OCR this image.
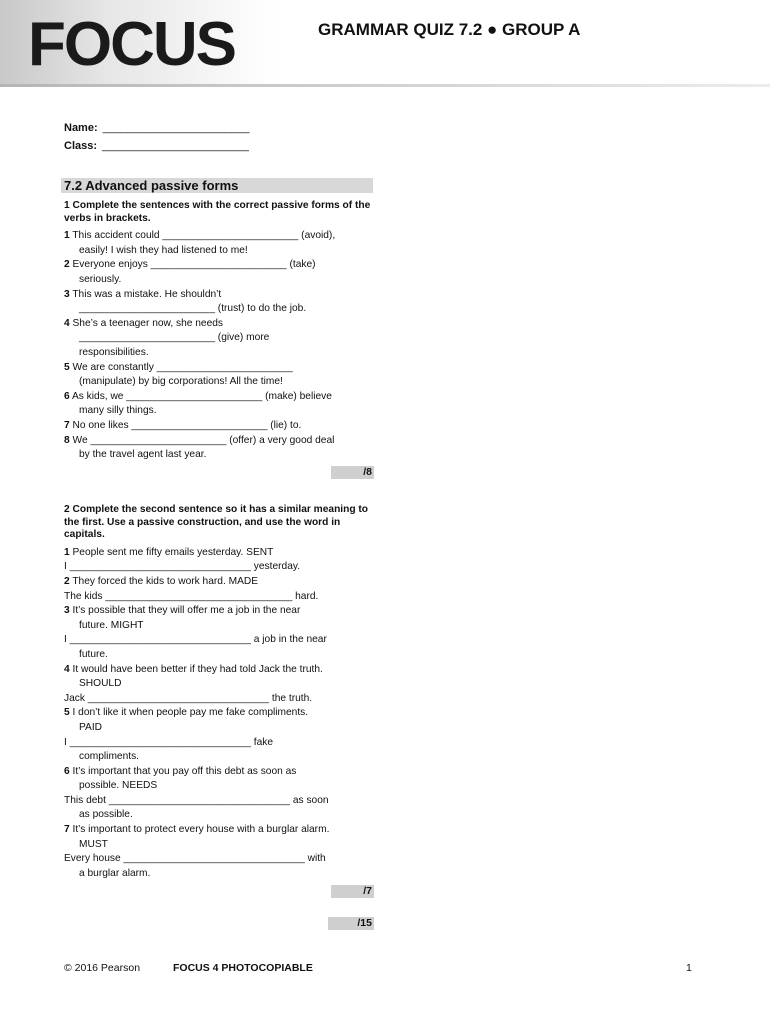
FOCUS	GRAMMAR QUIZ 7.2 ● GROUP A
Name: ________________________
Class: ________________________
7.2 Advanced passive forms
1 Complete the sentences with the correct passive forms of the verbs in brackets.
1 This accident could ________________________ (avoid),
easily! I wish they had listened to me!
2 Everyone enjoys ________________________ (take)
seriously.
3 This was a mistake. He shouldn’t
________________________ (trust) to do the job.
4 She’s a teenager now, she needs
________________________ (give) more
responsibilities.
5 We are constantly ________________________
(manipulate) by big corporations! All the time!
6 As kids, we ________________________ (make) believe
many silly things.
7 No one likes ________________________ (lie) to.
8 We ________________________ (offer) a very good deal
by the travel agent last year.
/8
2 Complete the second sentence so it has a similar meaning to the first. Use a passive construction, and use the word in capitals.
1 People sent me fifty emails yesterday. SENT
I ________________________________ yesterday.
2 They forced the kids to work hard. MADE
The kids _________________________________ hard.
3 It’s possible that they will offer me a job in the near
future. MIGHT
I ________________________________ a job in the near
future.
4 It would have been better if they had told Jack the truth.
SHOULD
Jack ________________________________ the truth.
5 I don’t like it when people pay me fake compliments.
PAID
I ________________________________ fake
compliments.
6 It’s important that you pay off this debt as soon as
possible. NEEDS
This debt ________________________________ as soon
as possible.
7 It’s important to protect every house with a burglar alarm.
MUST
Every house ________________________________ with
a burglar alarm.
/7
/15
© 2016 Pearson	FOCUS 4 PHOTOCOPIABLE	1
